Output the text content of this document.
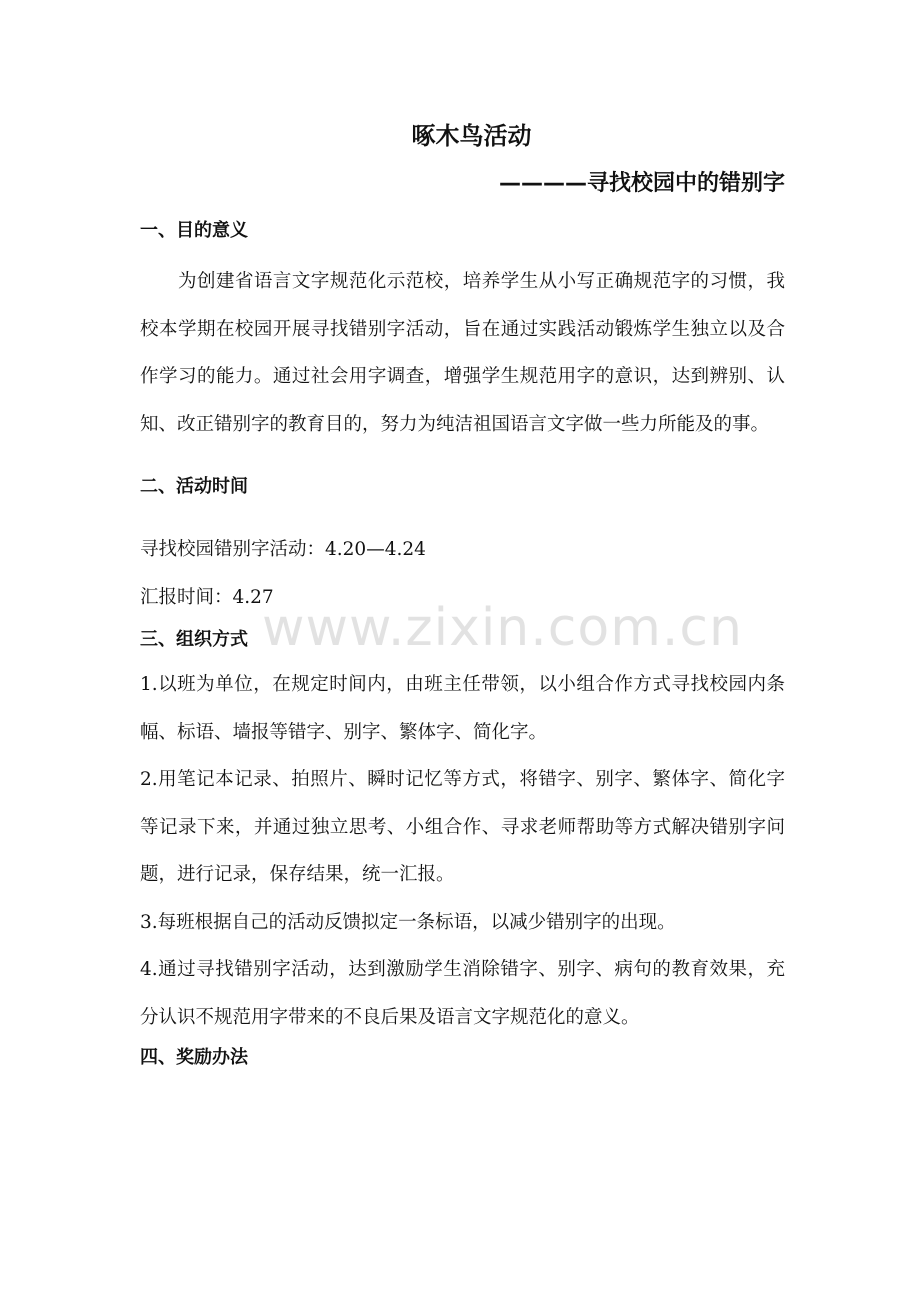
啄木鸟活动
————寻找校园中的错别字
一、目的意义
为创建省语言文字规范化示范校，培养学生从小写正确规范字的习惯，我校本学期在校园开展寻找错别字活动，旨在通过实践活动锻炼学生独立以及合作学习的能力。通过社会用字调查，增强学生规范用字的意识，达到辨别、认知、改正错别字的教育目的，努力为纯洁祖国语言文字做一些力所能及的事。
二、活动时间
寻找校园错别字活动：4.20—4.24
汇报时间：4.27
三、组织方式
1.以班为单位，在规定时间内，由班主任带领，以小组合作方式寻找校园内条幅、标语、墙报等错字、别字、繁体字、简化字。
2.用笔记本记录、拍照片、瞬时记忆等方式，将错字、别字、繁体字、简化字等记录下来，并通过独立思考、小组合作、寻求老师帮助等方式解决错别字问题，进行记录，保存结果，统一汇报。
3.每班根据自己的活动反馈拟定一条标语，以减少错别字的出现。
4.通过寻找错别字活动，达到激励学生消除错字、别字、病句的教育效果，充分认识不规范用字带来的不良后果及语言文字规范化的意义。
四、奖励办法
www.zixin.com.cn
